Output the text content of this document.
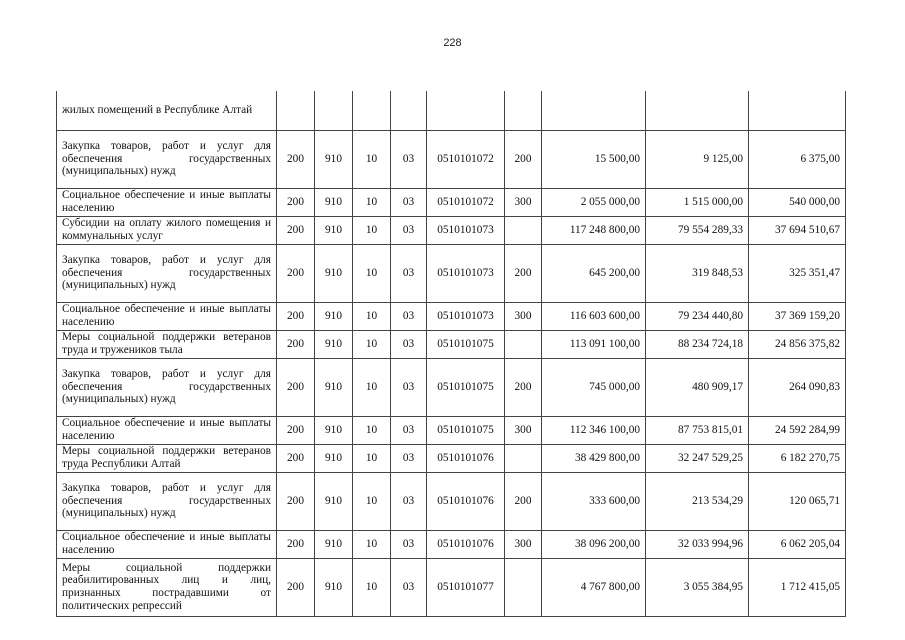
228
жилых помещений в Республике Алтай									
Закупка товаров, работ и услуг для обеспечения государственных (муниципальных) нужд	200	910	10	03	0510101072	200	15 500,00	9 125,00	6 375,00
Социальное обеспечение и иные выплаты населению	200	910	10	03	0510101072	300	2 055 000,00	1 515 000,00	540 000,00
Субсидии на оплату жилого помещения и коммунальных услуг	200	910	10	03	0510101073		117 248 800,00	79 554 289,33	37 694 510,67
Закупка товаров, работ и услуг для обеспечения государственных (муниципальных) нужд	200	910	10	03	0510101073	200	645 200,00	319 848,53	325 351,47
Социальное обеспечение и иные выплаты населению	200	910	10	03	0510101073	300	116 603 600,00	79 234 440,80	37 369 159,20
Меры социальной поддержки ветеранов труда и тружеников тыла	200	910	10	03	0510101075		113 091 100,00	88 234 724,18	24 856 375,82
Закупка товаров, работ и услуг для обеспечения государственных (муниципальных) нужд	200	910	10	03	0510101075	200	745 000,00	480 909,17	264 090,83
Социальное обеспечение и иные выплаты населению	200	910	10	03	0510101075	300	112 346 100,00	87 753 815,01	24 592 284,99
Меры социальной поддержки ветеранов труда Республики Алтай	200	910	10	03	0510101076		38 429 800,00	32 247 529,25	6 182 270,75
Закупка товаров, работ и услуг для обеспечения государственных (муниципальных) нужд	200	910	10	03	0510101076	200	333 600,00	213 534,29	120 065,71
Социальное обеспечение и иные выплаты населению	200	910	10	03	0510101076	300	38 096 200,00	32 033 994,96	6 062 205,04
Меры социальной поддержки реабилитированных лиц и лиц, признанных пострадавшими от политических репрессий	200	910	10	03	0510101077		4 767 800,00	3 055 384,95	1 712 415,05
